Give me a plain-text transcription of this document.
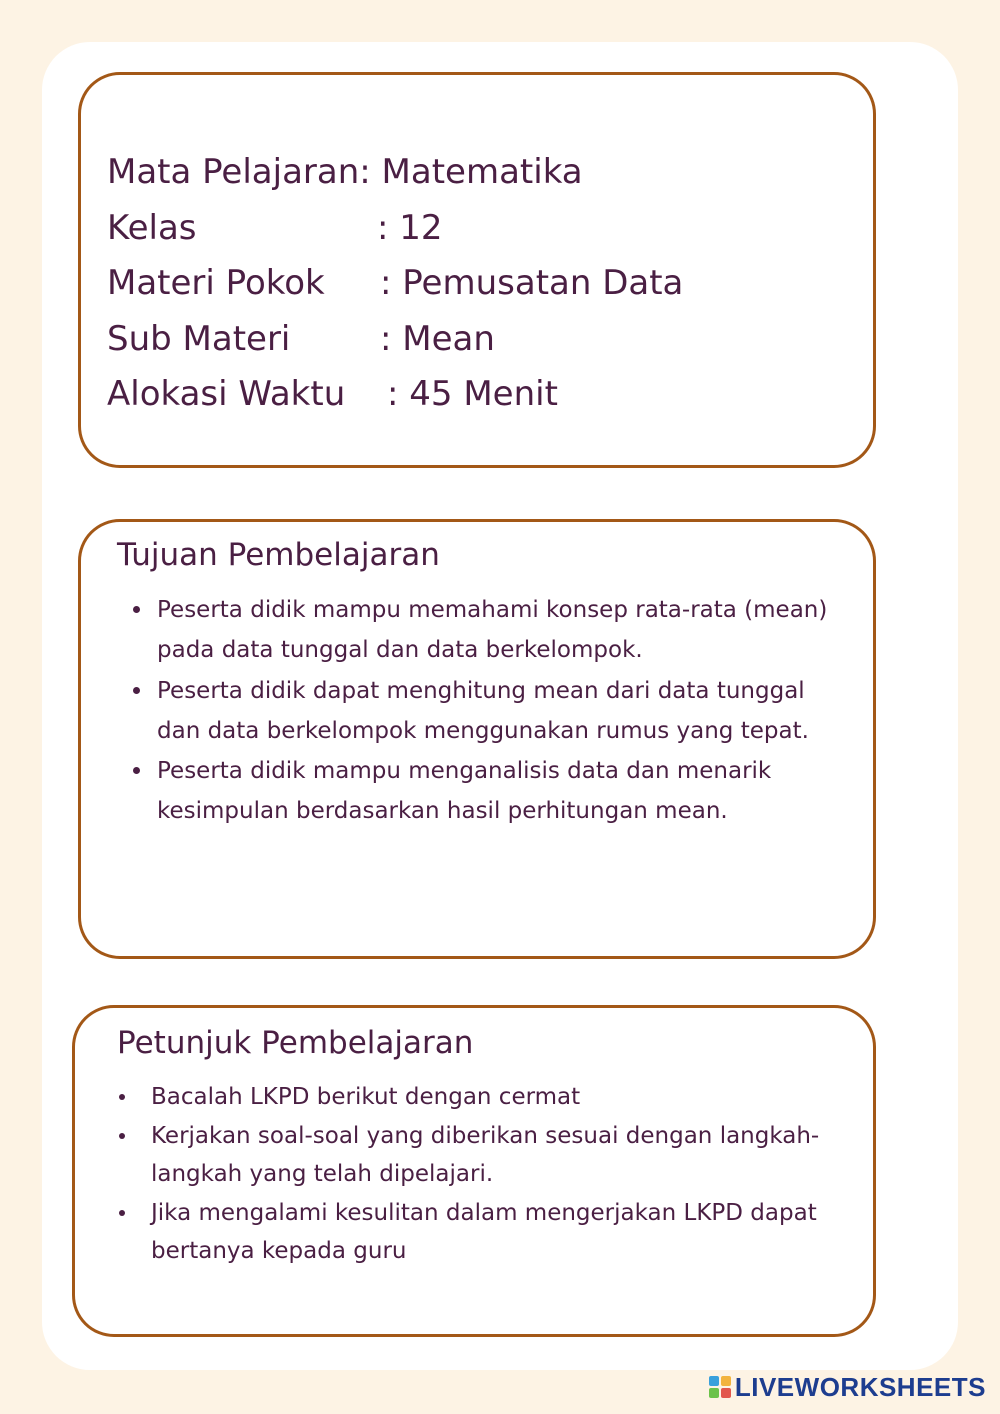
Mata Pelajaran: Matematika
Kelas	: 12
Materi Pokok	: Pemusatan Data
Sub Materi	: Mean
Alokasi Waktu	: 45 Menit
Tujuan Pembelajaran
Peserta didik mampu memahami konsep rata-rata (mean) pada data tunggal dan data berkelompok.
Peserta didik dapat menghitung mean dari data tunggal dan data berkelompok menggunakan rumus yang tepat.
Peserta didik mampu menganalisis data dan menarik kesimpulan berdasarkan hasil perhitungan mean.
Petunjuk Pembelajaran
Bacalah LKPD berikut dengan cermat
Kerjakan soal-soal yang diberikan sesuai dengan langkah-langkah yang telah dipelajari.
Jika mengalami kesulitan dalam mengerjakan LKPD dapat bertanya kepada guru
LIVEWORKSHEETS
